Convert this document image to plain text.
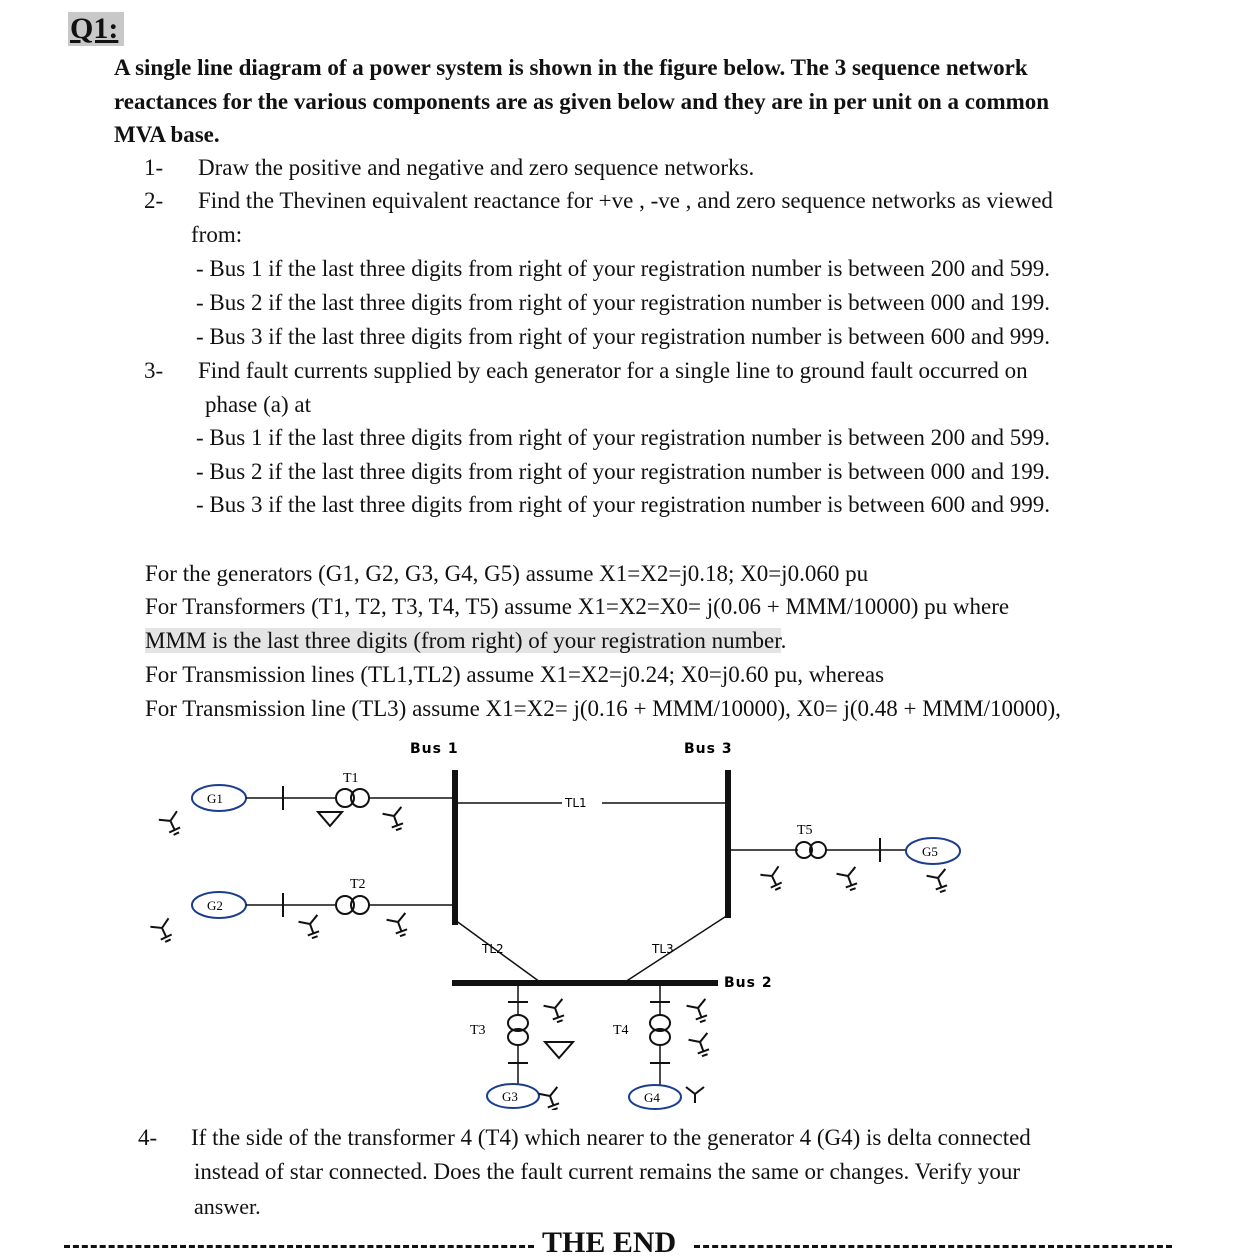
Q1:
A single line diagram of a power system is shown in the figure below. The 3 sequence network
reactances for the various components are as given below and they are in per unit on a common
MVA base.
1- Draw the positive and negative and zero sequence networks.
2- Find the Thevinen equivalent reactance for +ve , -ve , and zero sequence networks as viewed
from:
- Bus 1 if the last three digits from right of your registration number is between 200 and 599.
- Bus 2 if the last three digits from right of your registration number is between 000 and 199.
- Bus 3 if the last three digits from right of your registration number is between 600 and 999.
3- Find fault currents supplied by each generator for a single line to ground fault occurred on
phase (a) at
- Bus 1 if the last three digits from right of your registration number is between 200 and 599.
- Bus 2 if the last three digits from right of your registration number is between 000 and 199.
- Bus 3 if the last three digits from right of your registration number is between 600 and 999.
For the generators (G1, G2, G3, G4, G5) assume X1=X2=j0.18; X0=j0.060 pu
For Transformers (T1, T2, T3, T4, T5) assume X1=X2=X0= j(0.06 + MMM/10000) pu where
MMM is the last three digits (from right) of your registration number.
For Transmission lines (TL1,TL2) assume X1=X2=j0.24; X0=j0.60 pu, whereas
For Transmission line (TL3) assume X1=X2= j(0.16 + MMM/10000), X0= j(0.48 + MMM/10000),
Bus 1	Bus 3
Bus 2
TL1
TL2	TL3
G1
T1
G2
T2
T5
G5
T3
G3
T4
G4
4- If the side of the transformer 4 (T4) which nearer to the generator 4 (G4) is delta connected
instead of star connected. Does the fault current remains the same or changes. Verify your
answer.
THE END
